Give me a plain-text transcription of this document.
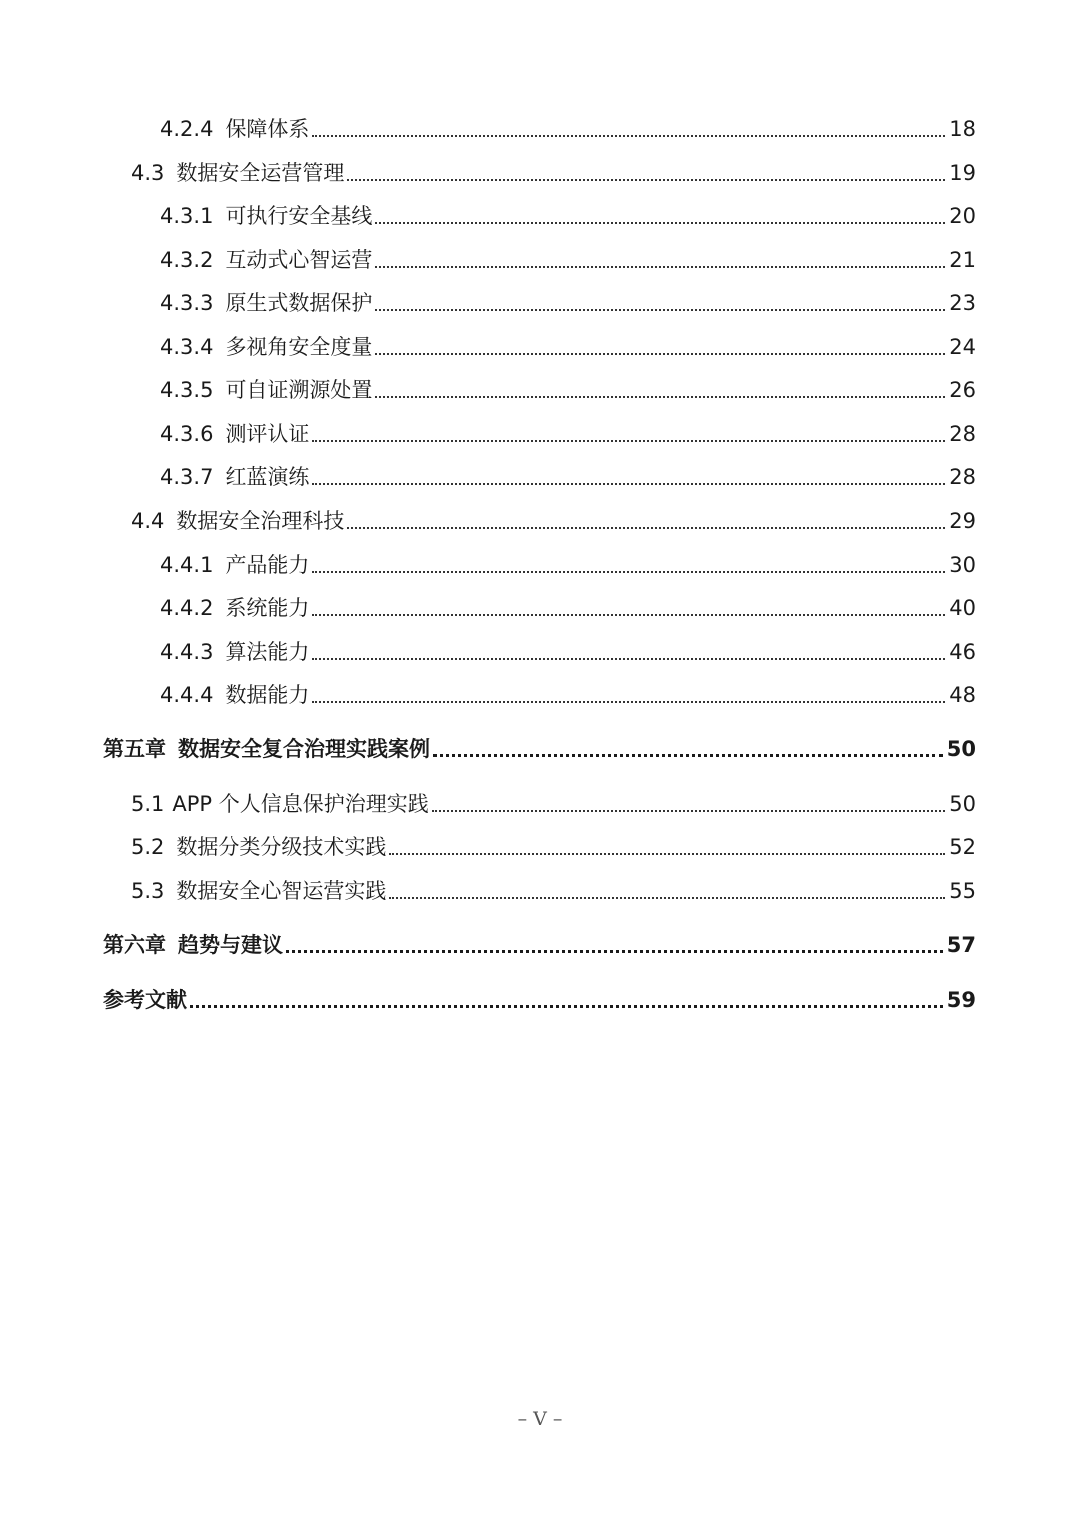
4.2.4 保障体系	18
4.3 数据安全运营管理	19
4.3.1 可执行安全基线	20
4.3.2 互动式心智运营	21
4.3.3 原生式数据保护	23
4.3.4 多视角安全度量	24
4.3.5 可自证溯源处置	26
4.3.6 测评认证	28
4.3.7 红蓝演练	28
4.4 数据安全治理科技	29
4.4.1 产品能力	30
4.4.2 系统能力	40
4.4.3 算法能力	46
4.4.4 数据能力	48
第五章 数据安全复合治理实践案例	50
5.1 APP 个人信息保护治理实践	50
5.2 数据分类分级技术实践	52
5.3 数据安全心智运营实践	55
第六章 趋势与建议	57
参考文献	59
– V –
